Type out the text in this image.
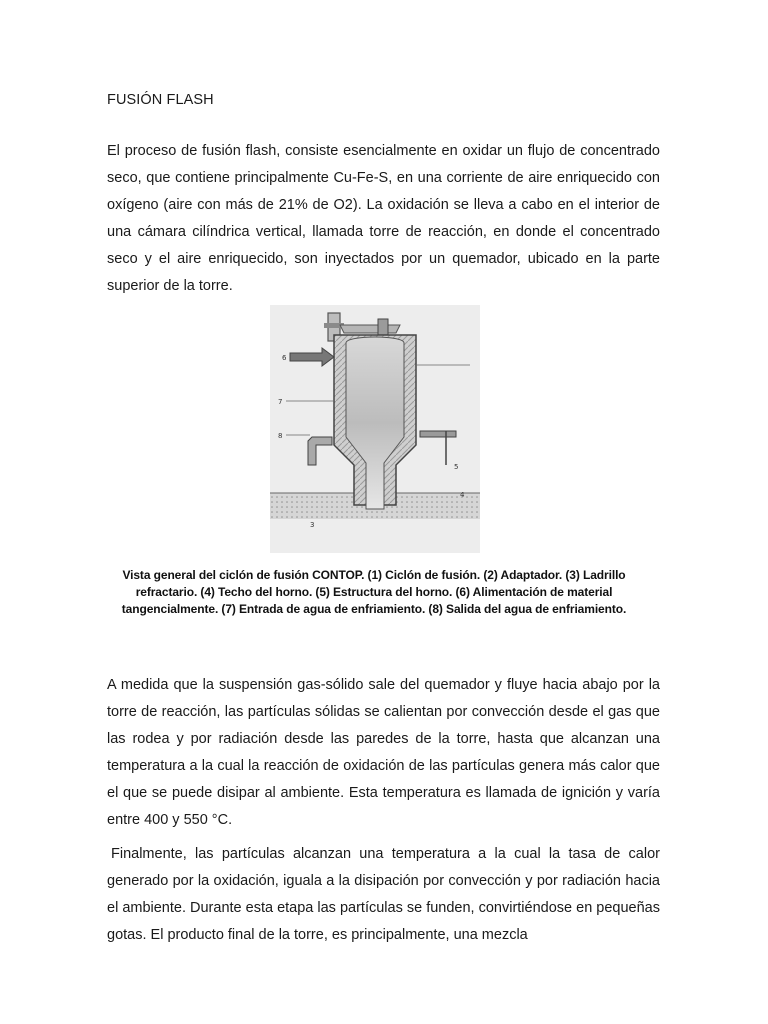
FUSIÓN FLASH

El proceso de fusión flash, consiste esencialmente en oxidar un flujo de concentrado seco, que contiene principalmente Cu-Fe-S, en una corriente de aire enriquecido con oxígeno (aire con más de 21% de O2). La oxidación se lleva a cabo en el interior de una cámara cilíndrica vertical, llamada torre de reacción, en donde el concentrado seco y el aire enriquecido, son inyectados por un quemador, ubicado en la parte superior de la torre.

6
7
8
5
4
3
Vista general del ciclón de fusión CONTOP. (1) Ciclón de fusión. (2) Adaptador. (3) Ladrillo refractario. (4) Techo del horno. (5) Estructura del horno. (6) Alimentación de material tangencialmente. (7) Entrada de agua de enfriamiento. (8) Salida del agua de enfriamiento.

A medida que la suspensión gas-sólido sale del quemador y fluye hacia abajo por la torre de reacción, las partículas sólidas se calientan por convección desde el gas que las rodea y por radiación desde las paredes de la torre, hasta que alcanzan una temperatura a la cual la reacción de oxidación de las partículas genera más calor que el que se puede disipar al ambiente. Esta temperatura es llamada de ignición y varía entre 400 y 550 °C.

Finalmente, las partículas alcanzan una temperatura a la cual la tasa de calor generado por la oxidación, iguala a la disipación por convección y por radiación hacia el ambiente. Durante esta etapa las partículas se funden, convirtiéndose en pequeñas gotas. El producto final de la torre, es principalmente, una mezcla
